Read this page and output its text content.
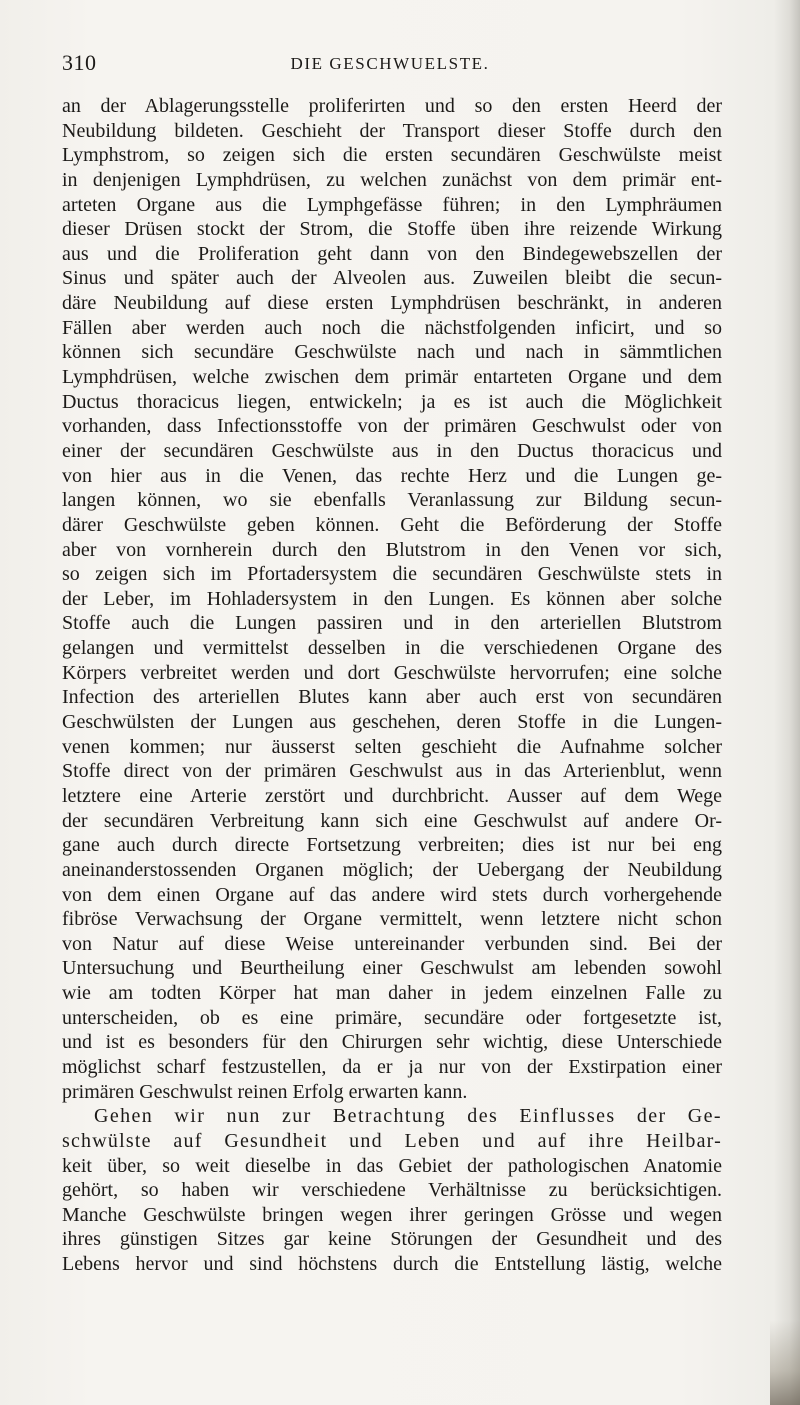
310	DIE GESCHWUELSTE.
an der Ablagerungsstelle proliferirten und so den ersten Heerd der
Neubildung bildeten. Geschieht der Transport dieser Stoffe durch den
Lymphstrom, so zeigen sich die ersten secundären Geschwülste meist
in denjenigen Lymphdrüsen, zu welchen zunächst von dem primär ent-
arteten Organe aus die Lymphgefässe führen; in den Lymphräumen
dieser Drüsen stockt der Strom, die Stoffe üben ihre reizende Wirkung
aus und die Proliferation geht dann von den Bindegewebszellen der
Sinus und später auch der Alveolen aus. Zuweilen bleibt die secun-
däre Neubildung auf diese ersten Lymphdrüsen beschränkt, in anderen
Fällen aber werden auch noch die nächstfolgenden inficirt, und so
können sich secundäre Geschwülste nach und nach in sämmtlichen
Lymphdrüsen, welche zwischen dem primär entarteten Organe und dem
Ductus thoracicus liegen, entwickeln; ja es ist auch die Möglichkeit
vorhanden, dass Infectionsstoffe von der primären Geschwulst oder von
einer der secundären Geschwülste aus in den Ductus thoracicus und
von hier aus in die Venen, das rechte Herz und die Lungen ge-
langen können, wo sie ebenfalls Veranlassung zur Bildung secun-
därer Geschwülste geben können. Geht die Beförderung der Stoffe
aber von vornherein durch den Blutstrom in den Venen vor sich,
so zeigen sich im Pfortadersystem die secundären Geschwülste stets in
der Leber, im Hohladersystem in den Lungen. Es können aber solche
Stoffe auch die Lungen passiren und in den arteriellen Blutstrom
gelangen und vermittelst desselben in die verschiedenen Organe des
Körpers verbreitet werden und dort Geschwülste hervorrufen; eine solche
Infection des arteriellen Blutes kann aber auch erst von secundären
Geschwülsten der Lungen aus geschehen, deren Stoffe in die Lungen-
venen kommen; nur äusserst selten geschieht die Aufnahme solcher
Stoffe direct von der primären Geschwulst aus in das Arterienblut, wenn
letztere eine Arterie zerstört und durchbricht. Ausser auf dem Wege
der secundären Verbreitung kann sich eine Geschwulst auf andere Or-
gane auch durch directe Fortsetzung verbreiten; dies ist nur bei eng
aneinanderstossenden Organen möglich; der Uebergang der Neubildung
von dem einen Organe auf das andere wird stets durch vorhergehende
fibröse Verwachsung der Organe vermittelt, wenn letztere nicht schon
von Natur auf diese Weise untereinander verbunden sind. Bei der
Untersuchung und Beurtheilung einer Geschwulst am lebenden sowohl
wie am todten Körper hat man daher in jedem einzelnen Falle zu
unterscheiden, ob es eine primäre, secundäre oder fortgesetzte ist,
und ist es besonders für den Chirurgen sehr wichtig, diese Unterschiede
möglichst scharf festzustellen, da er ja nur von der Exstirpation einer
primären Geschwulst reinen Erfolg erwarten kann.
Gehen wir nun zur Betrachtung des Einflusses der Ge-
schwülste auf Gesundheit und Leben und auf ihre Heilbar-
keit über, so weit dieselbe in das Gebiet der pathologischen Anatomie
gehört, so haben wir verschiedene Verhältnisse zu berücksichtigen.
Manche Geschwülste bringen wegen ihrer geringen Grösse und wegen
ihres günstigen Sitzes gar keine Störungen der Gesundheit und des
Lebens hervor und sind höchstens durch die Entstellung lästig, welche
